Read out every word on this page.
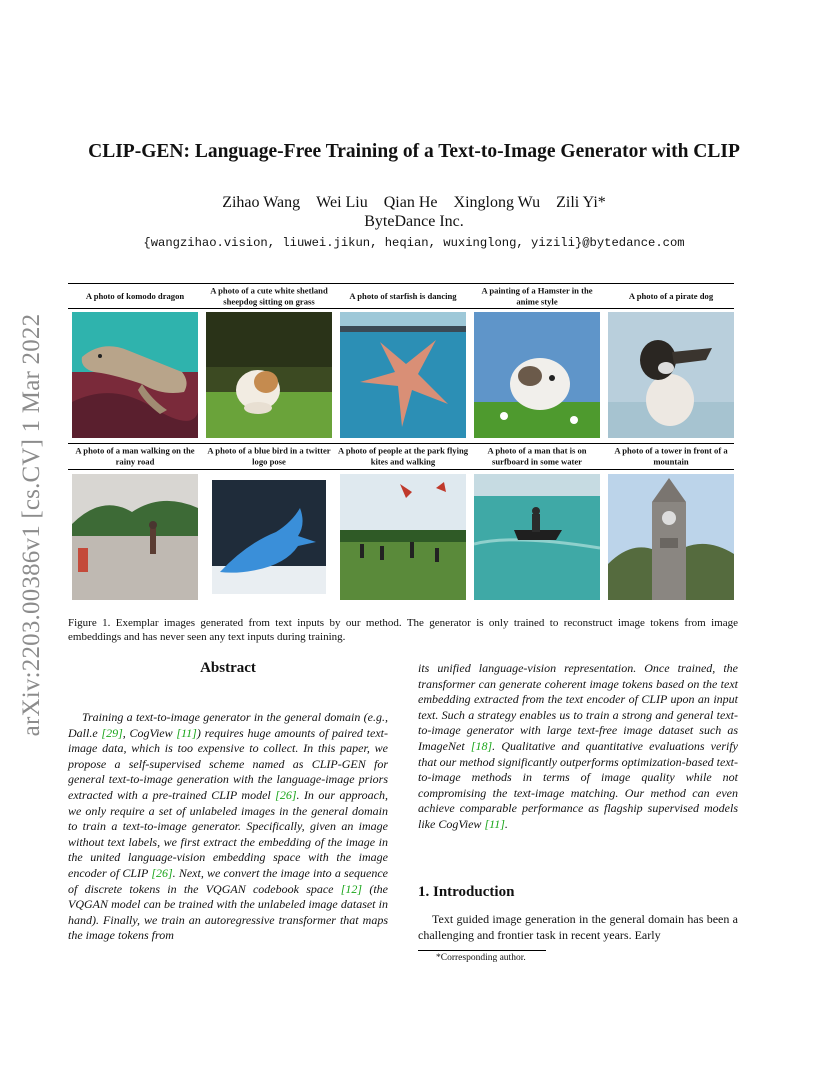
arXiv:2203.00386v1 [cs.CV] 1 Mar 2022
CLIP-GEN: Language-Free Training of a Text-to-Image Generator with CLIP
Zihao Wang Wei Liu Qian He Xinglong Wu Zili Yi*
ByteDance Inc.
{wangzihao.vision, liuwei.jikun, heqian, wuxinglong, yizili}@bytedance.com
A photo of komodo dragon
A photo of a cute white shetland sheepdog sitting on grass
A photo of starfish is dancing
A painting of a Hamster in the anime style
A photo of a pirate dog
A photo of a man walking on the rainy road
A photo of a blue bird in a twitter logo pose
A photo of people at the park flying kites and walking
A photo of a man that is on surfboard in some water
A photo of a tower in front of a mountain

Figure 1. Exemplar images generated from text inputs by our method. The generator is only trained to reconstruct image tokens from image embeddings and has never seen any text inputs during training.

Abstract

Training a text-to-image generator in the general domain (e.g., Dall.e [29], CogView [11]) requires huge amounts of paired text-image data, which is too expensive to collect. In this paper, we propose a self-supervised scheme named as CLIP-GEN for general text-to-image generation with the language-image priors extracted with a pre-trained CLIP model [26]. In our approach, we only require a set of unlabeled images in the general domain to train a text-to-image generator. Specifically, given an image without text labels, we first extract the embedding of the image in the united language-vision embedding space with the image encoder of CLIP [26]. Next, we convert the image into a sequence of discrete tokens in the VQGAN codebook space [12] (the VQGAN model can be trained with the unlabeled image dataset in hand). Finally, we train an autoregressive transformer that maps the image tokens from

its unified language-vision representation. Once trained, the transformer can generate coherent image tokens based on the text embedding extracted from the text encoder of CLIP upon an input text. Such a strategy enables us to train a strong and general text-to-image generator with large text-free image dataset such as ImageNet [18]. Qualitative and quantitative evaluations verify that our method significantly outperforms optimization-based text-to-image methods in terms of image quality while not compromising the text-image matching. Our method can even achieve comparable performance as flagship supervised models like CogView [11].

1. Introduction

Text guided image generation in the general domain has been a challenging and frontier task in recent years. Early

*Corresponding author.
